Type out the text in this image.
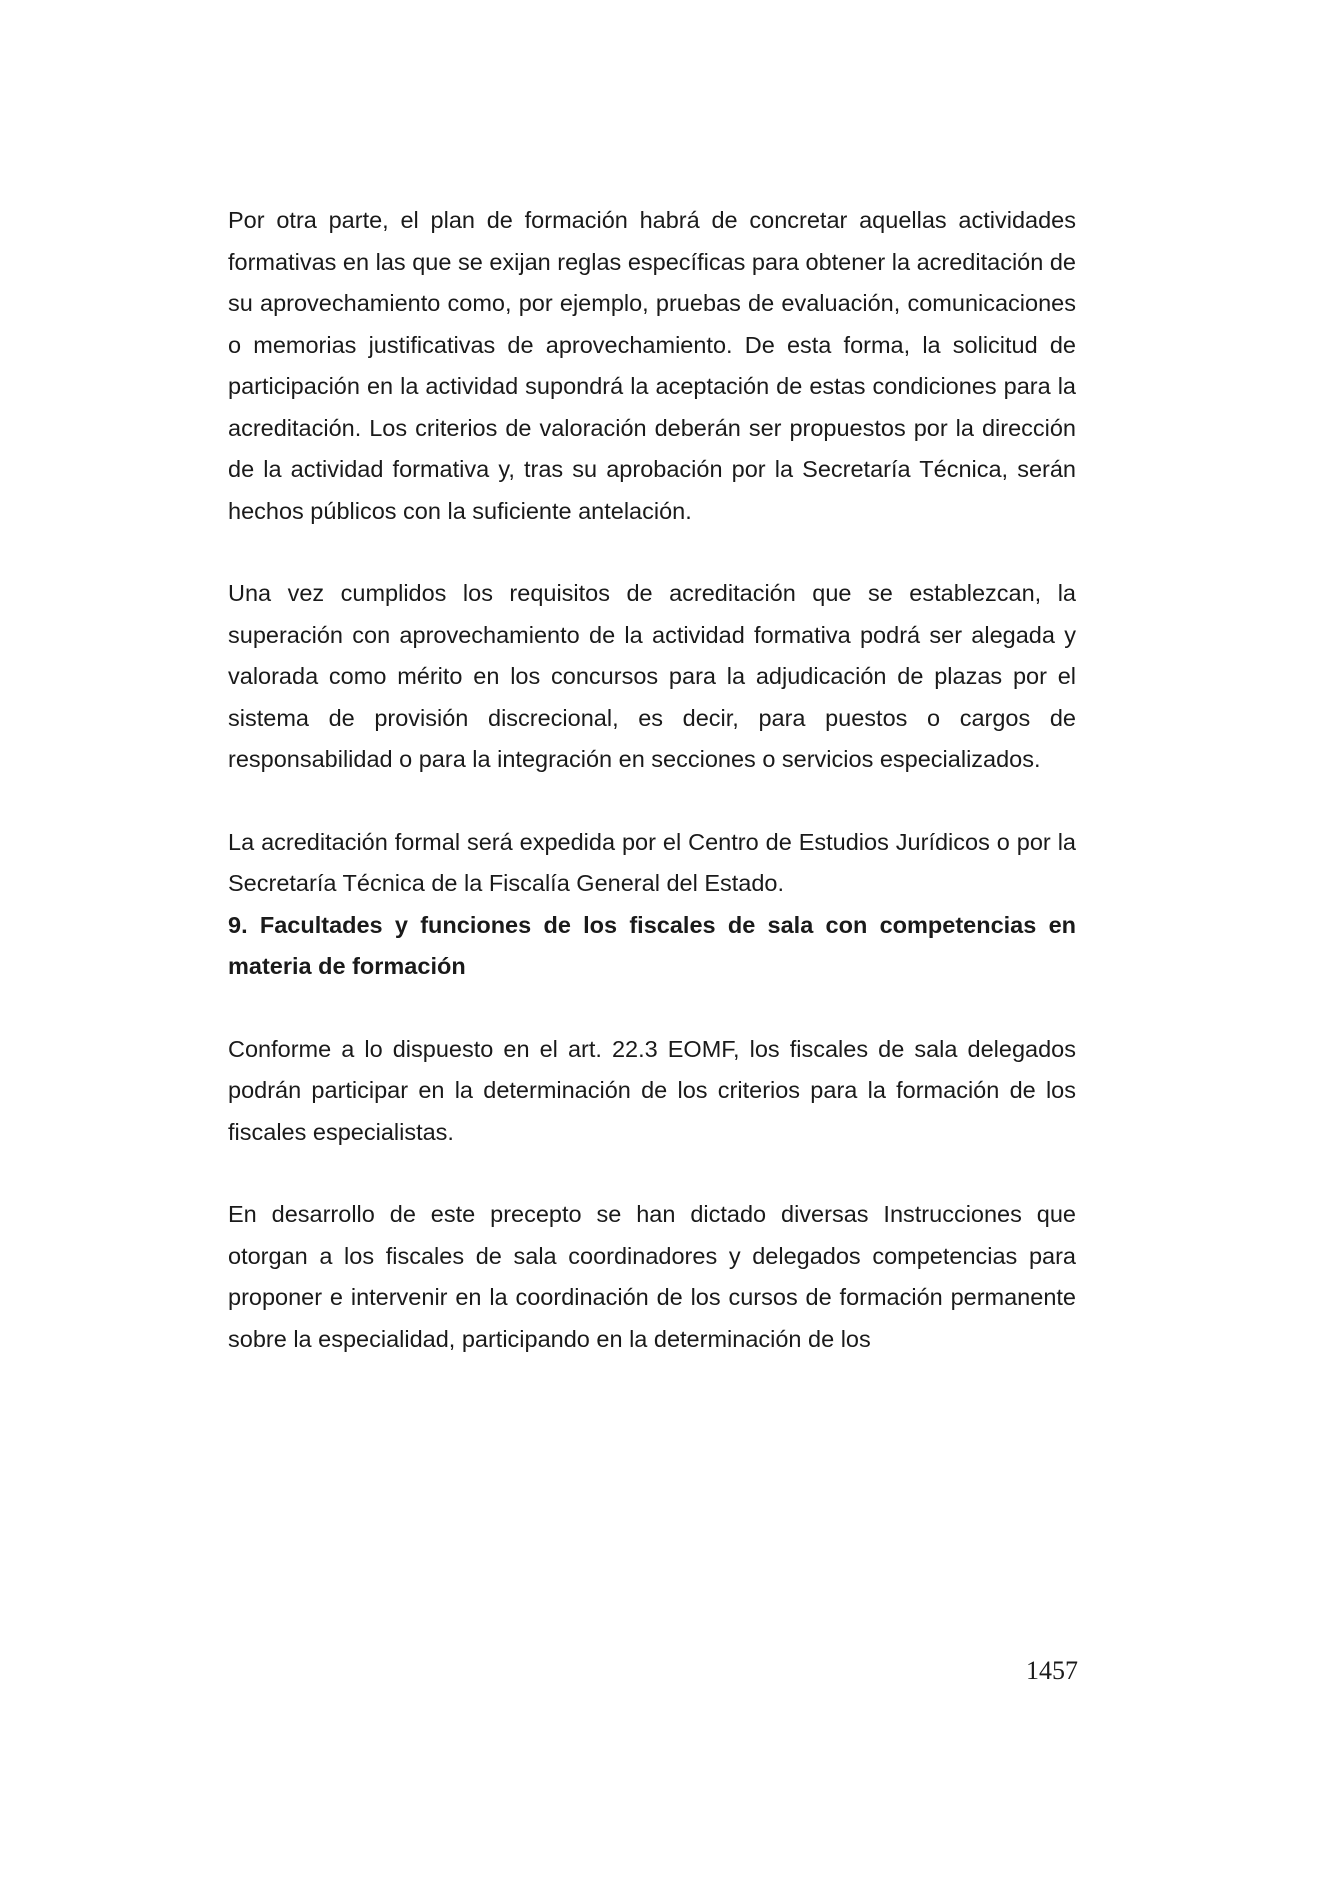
Por otra parte, el plan de formación habrá de concretar aquellas actividades formativas en las que se exijan reglas específicas para obtener la acreditación de su aprovechamiento como, por ejemplo, pruebas de evaluación, comunicaciones o memorias justificativas de aprovechamiento. De esta forma, la solicitud de participación en la actividad supondrá la aceptación de estas condiciones para la acreditación. Los criterios de valoración deberán ser propuestos por la dirección de la actividad formativa y, tras su aprobación por la Secretaría Técnica, serán hechos públicos con la suficiente antelación.

Una vez cumplidos los requisitos de acreditación que se establezcan, la superación con aprovechamiento de la actividad formativa podrá ser alegada y valorada como mérito en los concursos para la adjudicación de plazas por el sistema de provisión discrecional, es decir, para puestos o cargos de responsabilidad o para la integración en secciones o servicios especializados.

La acreditación formal será expedida por el Centro de Estudios Jurídicos o por la Secretaría Técnica de la Fiscalía General del Estado.

9. Facultades y funciones de los fiscales de sala con competencias en materia de formación

Conforme a lo dispuesto en el art. 22.3 EOMF, los fiscales de sala delegados podrán participar en la determinación de los criterios para la formación de los fiscales especialistas.

En desarrollo de este precepto se han dictado diversas Instrucciones que otorgan a los fiscales de sala coordinadores y delegados competencias para proponer e intervenir en la coordinación de los cursos de formación permanente sobre la especialidad, participando en la determinación de los

1457
